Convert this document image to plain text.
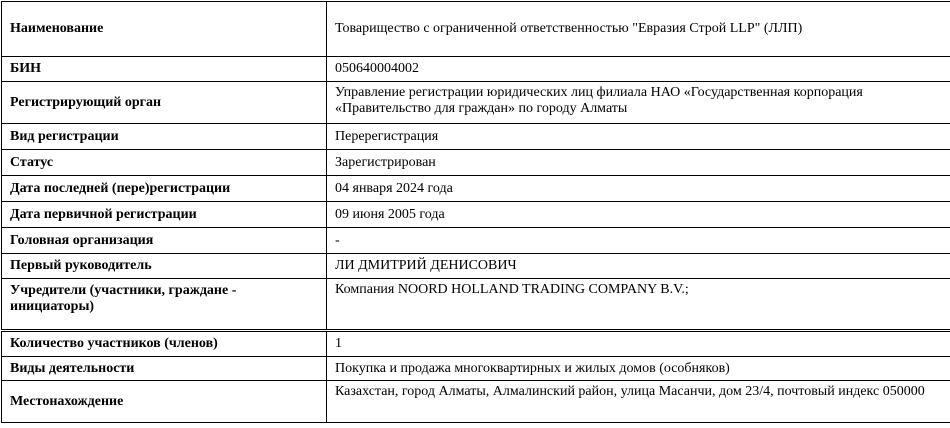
Наименование	Товарищество с ограниченной ответственностью "Евразия Строй LLP" (ЛЛП)
БИН	050640004002
Регистрирующий орган	Управление регистрации юридических лиц филиала НАО «Государственная корпорация «Правительство для граждан» по городу Алматы
Вид регистрации	Перерегистрация
Статус	Зарегистрирован
Дата последней (пере)регистрации	04 января 2024 года
Дата первичной регистрации	09 июня 2005 года
Головная организация	-
Первый руководитель	ЛИ ДМИТРИЙ ДЕНИСОВИЧ
Учредители (участники, граждане - инициаторы)	Компания NOORD HOLLAND TRADING COMPANY B.V.;
Количество участников (членов)	1
Виды деятельности	Покупка и продажа многоквартирных и жилых домов (особняков)
Местонахождение	Казахстан, город Алматы, Алмалинский район, улица Масанчи, дом 23/4, почтовый индекс 050000
